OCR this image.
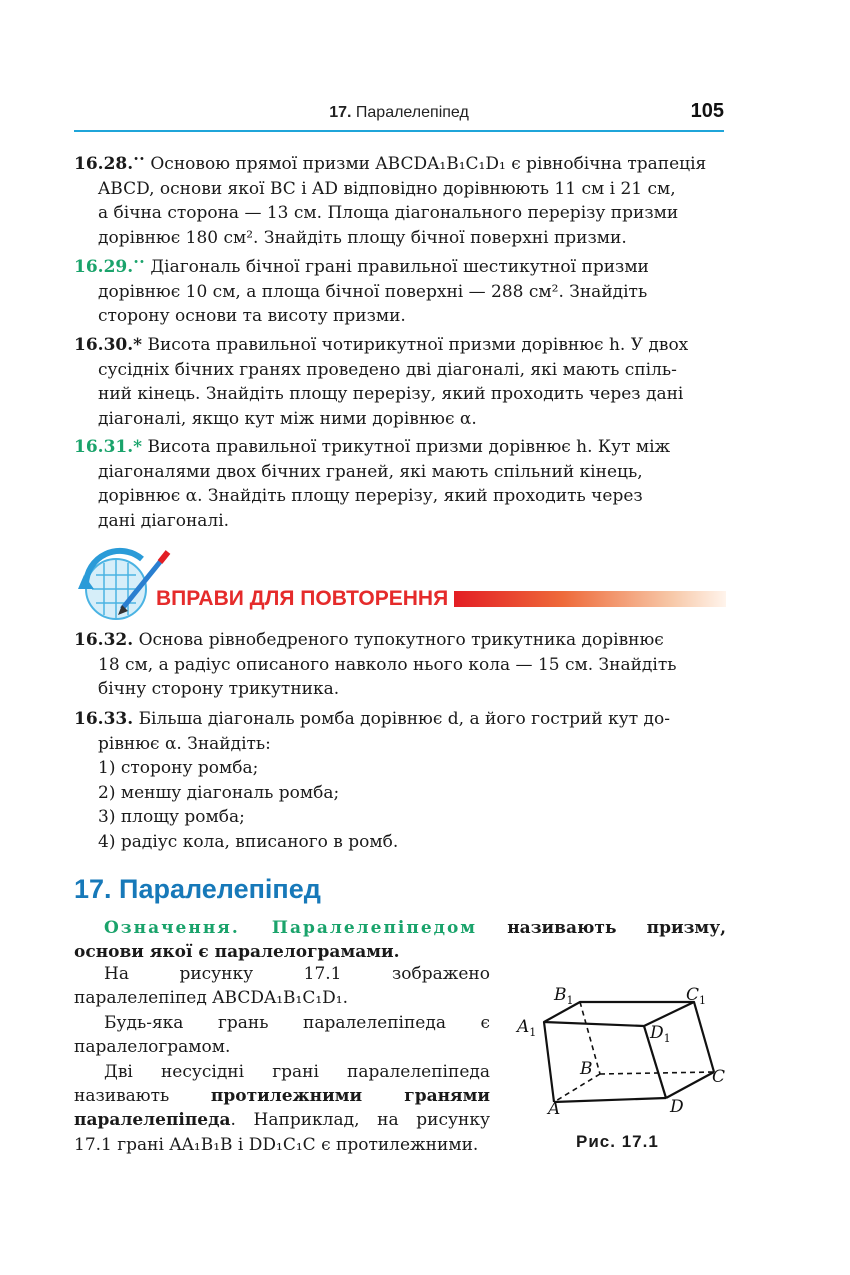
17. Паралелепіпед	105
16.28.•• Основою прямої призми ABCDA₁B₁C₁D₁ є рівнобічна трапеція
ABCD, основи якої BC і AD відповідно дорівнюють 11 см і 21 см,
а бічна сторона — 13 см. Площа діагонального перерізу призми
дорівнює 180 см². Знайдіть площу бічної поверхні призми.
16.29.•• Діагональ бічної грані правильної шестикутної призми
дорівнює 10 см, а площа бічної поверхні — 288 см². Знайдіть
сторону основи та висоту призми.
16.30.* Висота правильної чотирикутної призми дорівнює h. У двох
сусідніх бічних гранях проведено дві діагоналі, які мають спіль-
ний кінець. Знайдіть площу перерізу, який проходить через дані
діагоналі, якщо кут між ними дорівнює α.
16.31.* Висота правильної трикутної призми дорівнює h. Кут між
діагоналями двох бічних граней, які мають спільний кінець,
дорівнює α. Знайдіть площу перерізу, який проходить через
дані діагоналі.
ВПРАВИ ДЛЯ ПОВТОРЕННЯ
16.32. Основа рівнобедреного тупокутного трикутника дорівнює
18 см, а радіус описаного навколо нього кола — 15 см. Знайдіть
бічну сторону трикутника.
16.33. Більша діагональ ромба дорівнює d, а його гострий кут до-
рівнює α. Знайдіть:
1) сторону ромба;
2) меншу діагональ ромба;
3) площу ромба;
4) радіус кола, вписаного в ромб.
17. Паралелепіпед
Означення. Паралелепіпедом називають призму, основи якої є паралелограмами.

На рисунку 17.1 зображено паралелепіпед ABCDA₁B₁C₁D₁.

Будь-яка грань паралелепіпеда є паралелограмом.

Дві несусідні грані паралелепіпеда називають протилежними гранями паралелепіпеда. Наприклад, на рисунку 17.1 грані AA₁B₁B і DD₁C₁C є протилежними.

$B_1$	$C_1$
$A_1$	$D_1$
B	C
A	D
Рис. 17.1
